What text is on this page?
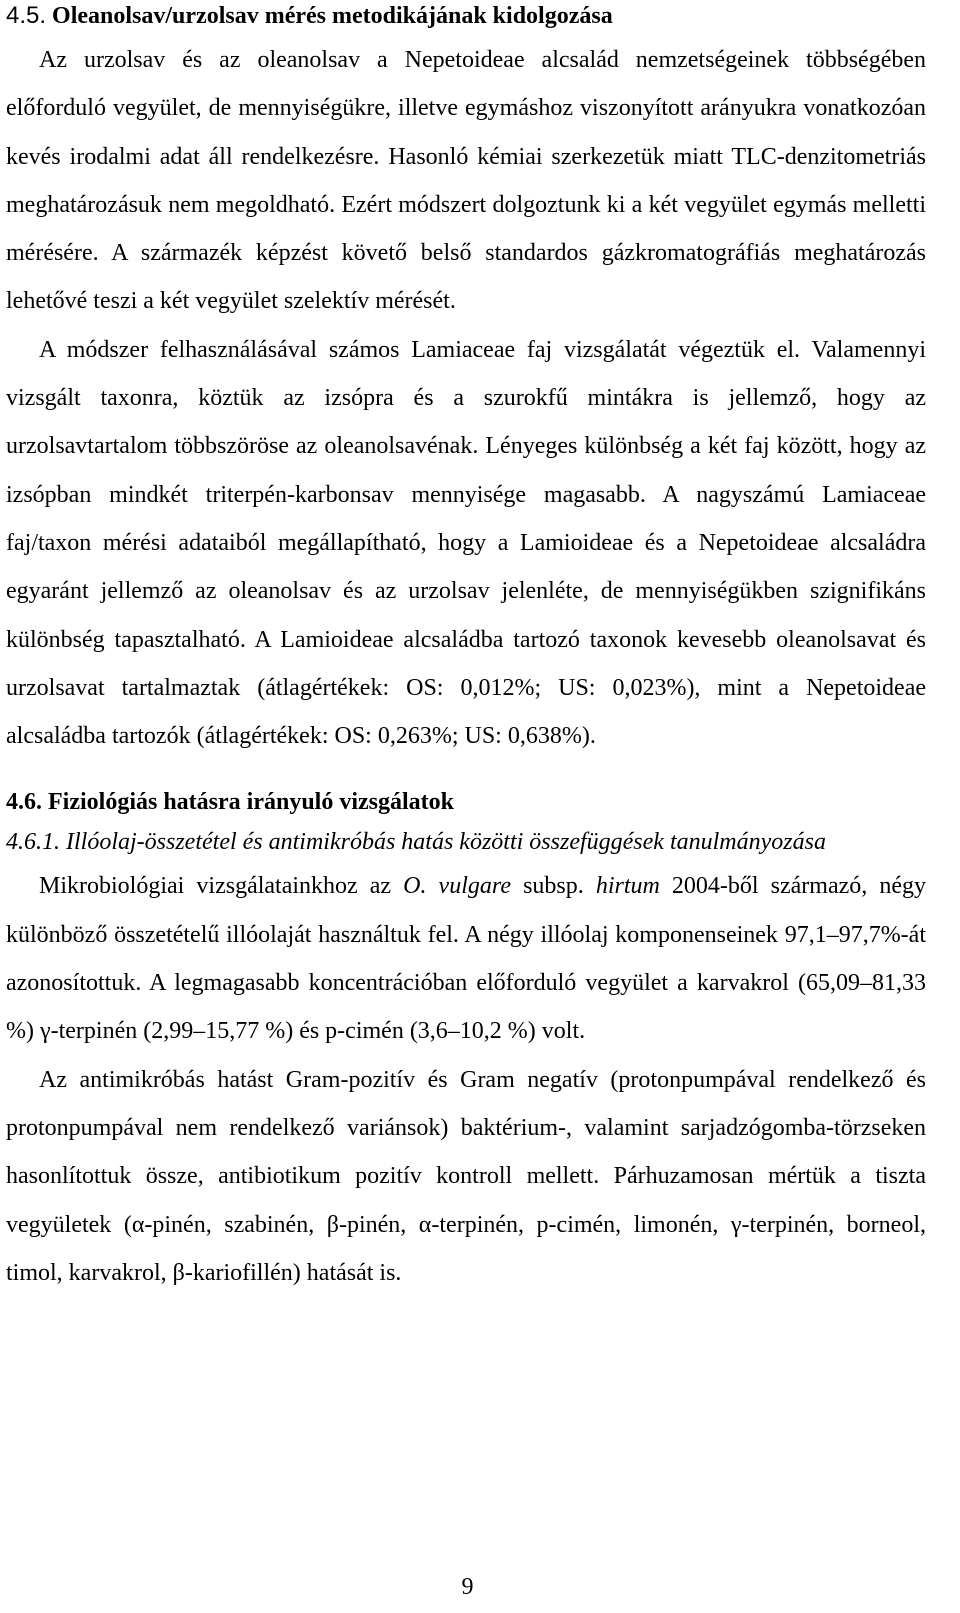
4.5. Oleanolsav/urzolsav mérés metodikájának kidolgozása

Az urzolsav és az oleanolsav a Nepetoideae alcsalád nemzetségeinek többségében előforduló vegyület, de mennyiségükre, illetve egymáshoz viszonyított arányukra vonatkozóan kevés irodalmi adat áll rendelkezésre. Hasonló kémiai szerkezetük miatt TLC-denzitometriás meghatározásuk nem megoldható. Ezért módszert dolgoztunk ki a két vegyület egymás melletti mérésére. A származék képzést követő belső standardos gázkromatográfiás meghatározás lehetővé teszi a két vegyület szelektív mérését.

A módszer felhasználásával számos Lamiaceae faj vizsgálatát végeztük el. Valamennyi vizsgált taxonra, köztük az izsópra és a szurokfű mintákra is jellemző, hogy az urzolsavtartalom többszöröse az oleanolsavénak. Lényeges különbség a két faj között, hogy az izsópban mindkét triterpén-karbonsav mennyisége magasabb. A nagyszámú Lamiaceae faj/taxon mérési adataiból megállapítható, hogy a Lamioideae és a Nepetoideae alcsaládra egyaránt jellemző az oleanolsav és az urzolsav jelenléte, de mennyiségükben szignifikáns különbség tapasztalható. A Lamioideae alcsaládba tartozó taxonok kevesebb oleanolsavat és urzolsavat tartalmaztak (átlagértékek: OS: 0,012%; US: 0,023%), mint a Nepetoideae alcsaládba tartozók (átlagértékek: OS: 0,263%; US: 0,638%).

4.6. Fiziológiás hatásra irányuló vizsgálatok

4.6.1. Illóolaj-összetétel és antimikróbás hatás közötti összefüggések tanulmányozása

Mikrobiológiai vizsgálatainkhoz az O. vulgare subsp. hirtum 2004-ből származó, négy különböző összetételű illóolaját használtuk fel. A négy illóolaj komponenseinek 97,1–97,7%-át azonosítottuk. A legmagasabb koncentrációban előforduló vegyület a karvakrol (65,09–81,33 %) γ-terpinén (2,99–15,77 %) és p-cimén (3,6–10,2 %) volt.

Az antimikróbás hatást Gram-pozitív és Gram negatív (protonpumpával rendelkező és protonpumpával nem rendelkező variánsok) baktérium-, valamint sarjadzógomba-törzseken hasonlítottuk össze, antibiotikum pozitív kontroll mellett. Párhuzamosan mértük a tiszta vegyületek (α-pinén, szabinén, β-pinén, α-terpinén, p-cimén, limonén, γ-terpinén, borneol, timol, karvakrol, β-kariofillén) hatását is.

9
